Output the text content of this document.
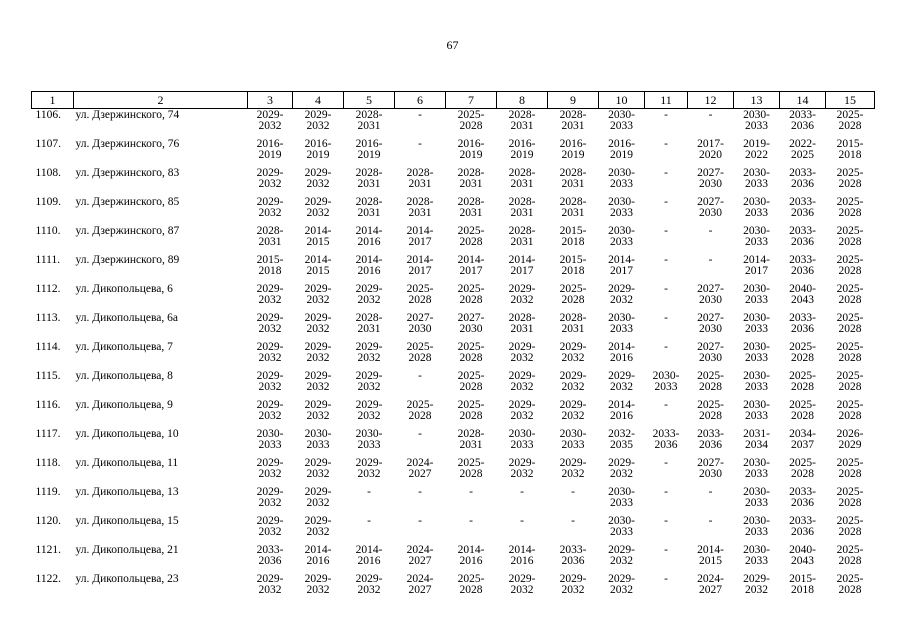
67
1	2	3	4	5	6	7	8	9	10	11	12	13	14	15
1106.	ул. Дзержинского, 74	2029-
2032	2029-
2032	2028-
2031	-	2025-
2028	2028-
2031	2028-
2031	2030-
2033	-	-	2030-
2033	2033-
2036	2025-
2028
1107.	ул. Дзержинского, 76	2016-
2019	2016-
2019	2016-
2019	-	2016-
2019	2016-
2019	2016-
2019	2016-
2019	-	2017-
2020	2019-
2022	2022-
2025	2015-
2018
1108.	ул. Дзержинского, 83	2029-
2032	2029-
2032	2028-
2031	2028-
2031	2028-
2031	2028-
2031	2028-
2031	2030-
2033	-	2027-
2030	2030-
2033	2033-
2036	2025-
2028
1109.	ул. Дзержинского, 85	2029-
2032	2029-
2032	2028-
2031	2028-
2031	2028-
2031	2028-
2031	2028-
2031	2030-
2033	-	2027-
2030	2030-
2033	2033-
2036	2025-
2028
1110.	ул. Дзержинского, 87	2028-
2031	2014-
2015	2014-
2016	2014-
2017	2025-
2028	2028-
2031	2015-
2018	2030-
2033	-	-	2030-
2033	2033-
2036	2025-
2028
1111.	ул. Дзержинского, 89	2015-
2018	2014-
2015	2014-
2016	2014-
2017	2014-
2017	2014-
2017	2015-
2018	2014-
2017	-	-	2014-
2017	2033-
2036	2025-
2028
1112.	ул. Дикопольцева, 6	2029-
2032	2029-
2032	2029-
2032	2025-
2028	2025-
2028	2029-
2032	2025-
2028	2029-
2032	-	2027-
2030	2030-
2033	2040-
2043	2025-
2028
1113.	ул. Дикопольцева, 6а	2029-
2032	2029-
2032	2028-
2031	2027-
2030	2027-
2030	2028-
2031	2028-
2031	2030-
2033	-	2027-
2030	2030-
2033	2033-
2036	2025-
2028
1114.	ул. Дикопольцева, 7	2029-
2032	2029-
2032	2029-
2032	2025-
2028	2025-
2028	2029-
2032	2029-
2032	2014-
2016	-	2027-
2030	2030-
2033	2025-
2028	2025-
2028
1115.	ул. Дикопольцева, 8	2029-
2032	2029-
2032	2029-
2032	-	2025-
2028	2029-
2032	2029-
2032	2029-
2032	2030-
2033	2025-
2028	2030-
2033	2025-
2028	2025-
2028
1116.	ул. Дикопольцева, 9	2029-
2032	2029-
2032	2029-
2032	2025-
2028	2025-
2028	2029-
2032	2029-
2032	2014-
2016	-	2025-
2028	2030-
2033	2025-
2028	2025-
2028
1117.	ул. Дикопольцева, 10	2030-
2033	2030-
2033	2030-
2033	-	2028-
2031	2030-
2033	2030-
2033	2032-
2035	2033-
2036	2033-
2036	2031-
2034	2034-
2037	2026-
2029
1118.	ул. Дикопольцева, 11	2029-
2032	2029-
2032	2029-
2032	2024-
2027	2025-
2028	2029-
2032	2029-
2032	2029-
2032	-	2027-
2030	2030-
2033	2025-
2028	2025-
2028
1119.	ул. Дикопольцева, 13	2029-
2032	2029-
2032	-	-	-	-	-	2030-
2033	-	-	2030-
2033	2033-
2036	2025-
2028
1120.	ул. Дикопольцева, 15	2029-
2032	2029-
2032	-	-	-	-	-	2030-
2033	-	-	2030-
2033	2033-
2036	2025-
2028
1121.	ул. Дикопольцева, 21	2033-
2036	2014-
2016	2014-
2016	2024-
2027	2014-
2016	2014-
2016	2033-
2036	2029-
2032	-	2014-
2015	2030-
2033	2040-
2043	2025-
2028
1122.	ул. Дикопольцева, 23	2029-
2032	2029-
2032	2029-
2032	2024-
2027	2025-
2028	2029-
2032	2029-
2032	2029-
2032	-	2024-
2027	2029-
2032	2015-
2018	2025-
2028
